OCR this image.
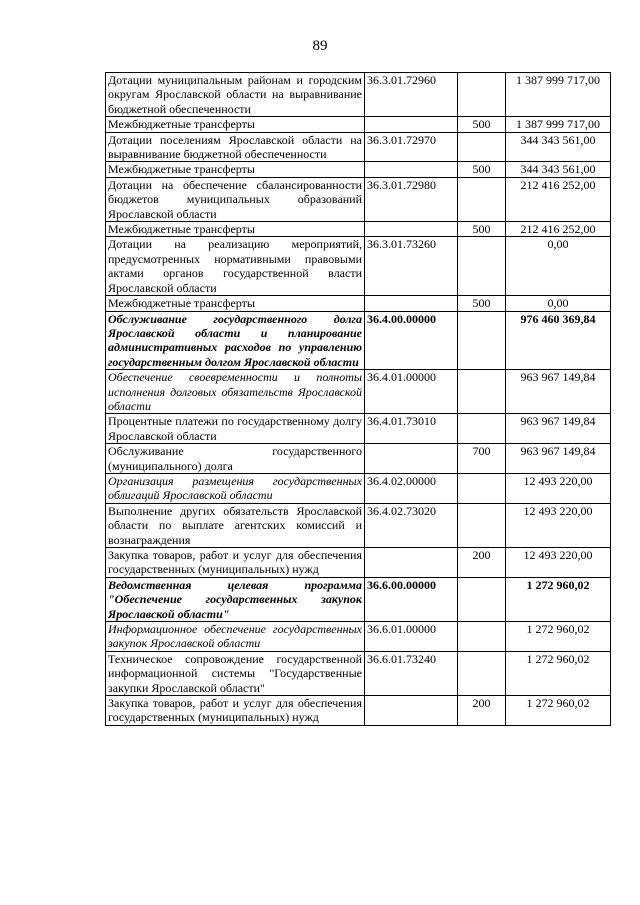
89
Дотации муниципальным районам и городским округам Ярославской области на выравнивание бюджетной обеспеченности	36.3.01.72960		1 387 999 717,00
Межбюджетные трансферты		500	1 387 999 717,00
Дотации поселениям Ярославской области на выравнивание бюджетной обеспеченности	36.3.01.72970		344 343 561,00
Межбюджетные трансферты		500	344 343 561,00
Дотации на обеспечение сбалансированности бюджетов муниципальных образований Ярославской области	36.3.01.72980		212 416 252,00
Межбюджетные трансферты		500	212 416 252,00
Дотации на реализацию мероприятий, предусмотренных нормативными правовыми актами органов государственной власти Ярославской области	36.3.01.73260		0,00
Межбюджетные трансферты		500	0,00
Обслуживание государственного долга Ярославской области и планирование административных расходов по управлению государственным долгом Ярославской области	36.4.00.00000		976 460 369,84
Обеспечение своевременности и полноты исполнения долговых обязательств Ярославской области	36.4.01.00000		963 967 149,84
Процентные платежи по государственному долгу Ярославской области	36.4.01.73010		963 967 149,84
Обслуживание государственного (муниципального) долга		700	963 967 149,84
Организация размещения государственных облигаций Ярославской области	36.4.02.00000		12 493 220,00
Выполнение других обязательств Ярославской области по выплате агентских комиссий и вознаграждения	36.4.02.73020		12 493 220,00
Закупка товаров, работ и услуг для обеспечения государственных (муниципальных) нужд		200	12 493 220,00
Ведомственная целевая программа "Обеспечение государственных закупок Ярославской области"	36.6.00.00000		1 272 960,02
Информационное обеспечение государственных закупок Ярославской области	36.6.01.00000		1 272 960,02
Техническое сопровождение государственной информационной системы "Государственные закупки Ярославской области"	36.6.01.73240		1 272 960,02
Закупка товаров, работ и услуг для обеспечения государственных (муниципальных) нужд		200	1 272 960,02
